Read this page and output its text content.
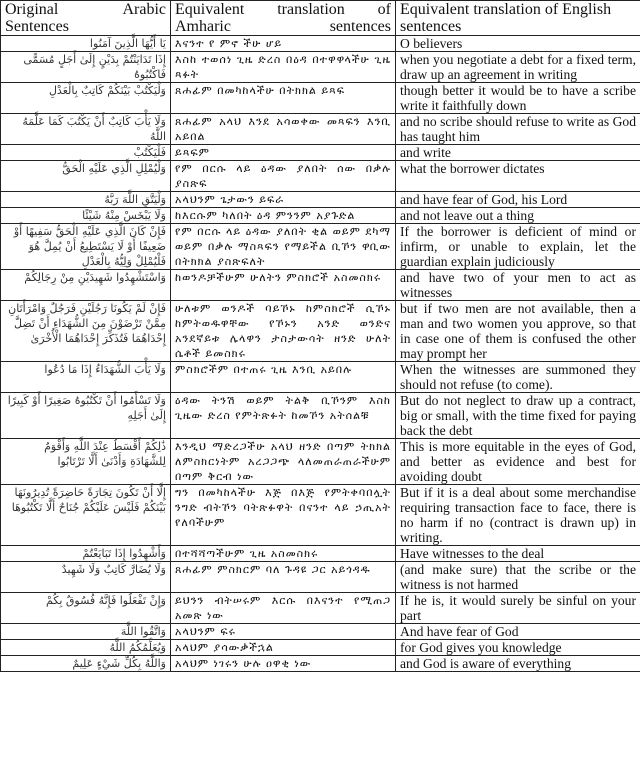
Original Arabic Sentences	Equivalent translation of Amharic sentences	Equivalent translation of English sentences
يَا أَيُّهَا الَّذِينَ آمَنُوا	እናንተ የ ምኖ ችሁ ሆይ	O believers
إِذَا تَدَايَنْتُمْ بِدَيْنٍ إِلَىٰ أَجَلٍ مُسَمًّى فَاكْتُبُوهُ	እስከ ተወሰነ ጊዜ ድረስ በዕዳ በተዋዋላችሁ ጊዜ ጻፉት	when you negotiate a debt for a fixed term, draw up an agreement in writing
وَلْيَكْتُبْ بَيْنَكُمْ كَاتِبٌ بِالْعَدْلِ	ጸሐፊም በመካከላችሁ በትክክል ይጻፍ	though better it would be to have a scribe write it faithfully down
وَلَا يَأْبَ كَاتِبٌ أَنْ يَكْتُبَ كَمَا عَلَّمَهُ اللَّهُ	ጸሐፊም አላህ እንደ አሳወቀው መጻፍን እንቢ አይበል	and no scribe should refuse to write as God has taught him
فَلْيَكْتُبْ	ይጻፍም	and write
وَلْيُمْلِلِ الَّذِي عَلَيْهِ الْحَقُّ	የም በርሱ ላይ ዕዳው ያለበት ሰው በቃሉ ያስጽፍ	what the borrower dictates
وَلْيَتَّقِ اللَّهَ رَبَّهُ	አላህንም ጌታውን ይፍራ	and have fear of God, his Lord
وَلَا يَبْخَسْ مِنْهُ شَيْئًا	ከእርሱም ካለበት ዕዳ ምንንም አያጉድል	and not leave out a thing
فَإِنْ كَانَ الَّذِي عَلَيْهِ الْحَقُّ سَفِيهًا أَوْ ضَعِيفًا أَوْ لَا يَسْتَطِيعُ أَنْ يُمِلَّ هُوَ فَلْيُمْلِلْ وَلِيُّهُ بِالْعَدْلِ	የም በርሱ ላይ ዕዳው ያለበት ቂል ወይም ደካማ ወይም በቃሉ ማስጻፍን የማይችል ቢኾን ዋቢው በትክክል ያስጽፍለት	If the borrower is deficient of mind or infirm, or unable to explain, let the guardian explain judiciously
وَاسْتَشْهِدُوا شَهِيدَيْنِ مِنْ رِجَالِكُمْ	ከወንዶቻችሁም ሁለትን ምስክሮች አስመስክሩ	and have two of your men to act as witnesses
فَإِنْ لَمْ يَكُونَا رَجُلَيْنِ فَرَجُلٌ وَامْرَأَتَانِ مِمَّنْ تَرْضَوْنَ مِنَ الشُّهَدَاءِ أَنْ تَضِلَّ إِحْدَاهُمَا فَتُذَكِّرَ إِحْدَاهُمَا الْأُخْرَىٰ	ሁለቱም ወንዶች ባይኾኑ ከምስክሮች ሲኾኑ ከምትወዱዋቸው የኾኑን አንድ ወንድና አንደኛይቱ ሌላዋን ታስታውሳት ዘንድ ሁለት ሴቶች ይመስክሩ	but if two men are not available, then a man and two women you approve, so that in case one of them is confused the other may prompt her
وَلَا يَأْبَ الشُّهَدَاءُ إِذَا مَا دُعُوا	ምስክሮችም በተጠሩ ጊዜ እንቢ አይበሉ	When the witnesses are summoned they should not refuse (to come).
وَلَا تَسْأَمُوا أَنْ تَكْتُبُوهُ صَغِيرًا أَوْ كَبِيرًا إِلَىٰ أَجَلِهِ	ዕዳው ትንሽ ወይም ትልቅ ቢኾንም እስከ ጊዜው ድረስ የምትጽፉት ከመኾን አትሰልቹ	But do not neglect to draw up a contract, big or small, with the time fixed for paying back the debt
ذَٰلِكُمْ أَقْسَطُ عِنْدَ اللَّهِ وَأَقْوَمُ لِلشَّهَادَةِ وَأَدْنَىٰ أَلَّا تَرْتَابُوا	እንዲህ ማድረጋችሁ አላህ ዘንድ በጣም ትክክል ለምስክርነትም አረጋጋጭ ላለመጠራጠራችሁም በጣም ቅርብ ነው	This is more equitable in the eyes of God, and better as evidence and best for avoiding doubt
إِلَّا أَنْ تَكُونَ تِجَارَةً حَاضِرَةً تُدِيرُونَهَا بَيْنَكُمْ فَلَيْسَ عَلَيْكُمْ جُنَاحٌ أَلَّا تَكْتُبُوهَا	ግን በመካከላችሁ እጅ በእጅ የምትቀባበሏት ንግድ ብትኾን ባትጽፉዋት በናንተ ላይ ኃጢአት የለባችሁም	But if it is a deal about some merchandise requiring transaction face to face, there is no harm if no (contract is drawn up) in writing.
وَأَشْهِدُوا إِذَا تَبَايَعْتُمْ	በተሻሻጣችሁም ጊዜ አስመስክሩ	Have witnesses to the deal
وَلَا يُضَارَّ كَاتِبٌ وَلَا شَهِيدٌ	ጸሐፊም ምስክርም ባለ ጉዳዩ ጋር አይጎዳዱ	(and make sure) that the scribe or the witness is not harmed
وَإِنْ تَفْعَلُوا فَإِنَّهُ فُسُوقٌ بِكُمْ	ይህንን ብትሠሩም እርሱ በእናንተ የሚጠጋ አመጽ ነው	If he is, it would surely be sinful on your part
وَاتَّقُوا اللَّهَ	አላህንም ፍሩ	And have fear of God
وَيُعَلِّمُكُمُ اللَّهُ	አላህም ያሳውቃችኋል	for God gives you knowledge
وَاللَّهُ بِكُلِّ شَيْءٍ عَلِيمٌ	አላህም ነገሩን ሁሉ ዐዋቂ ነው	and God is aware of everything
